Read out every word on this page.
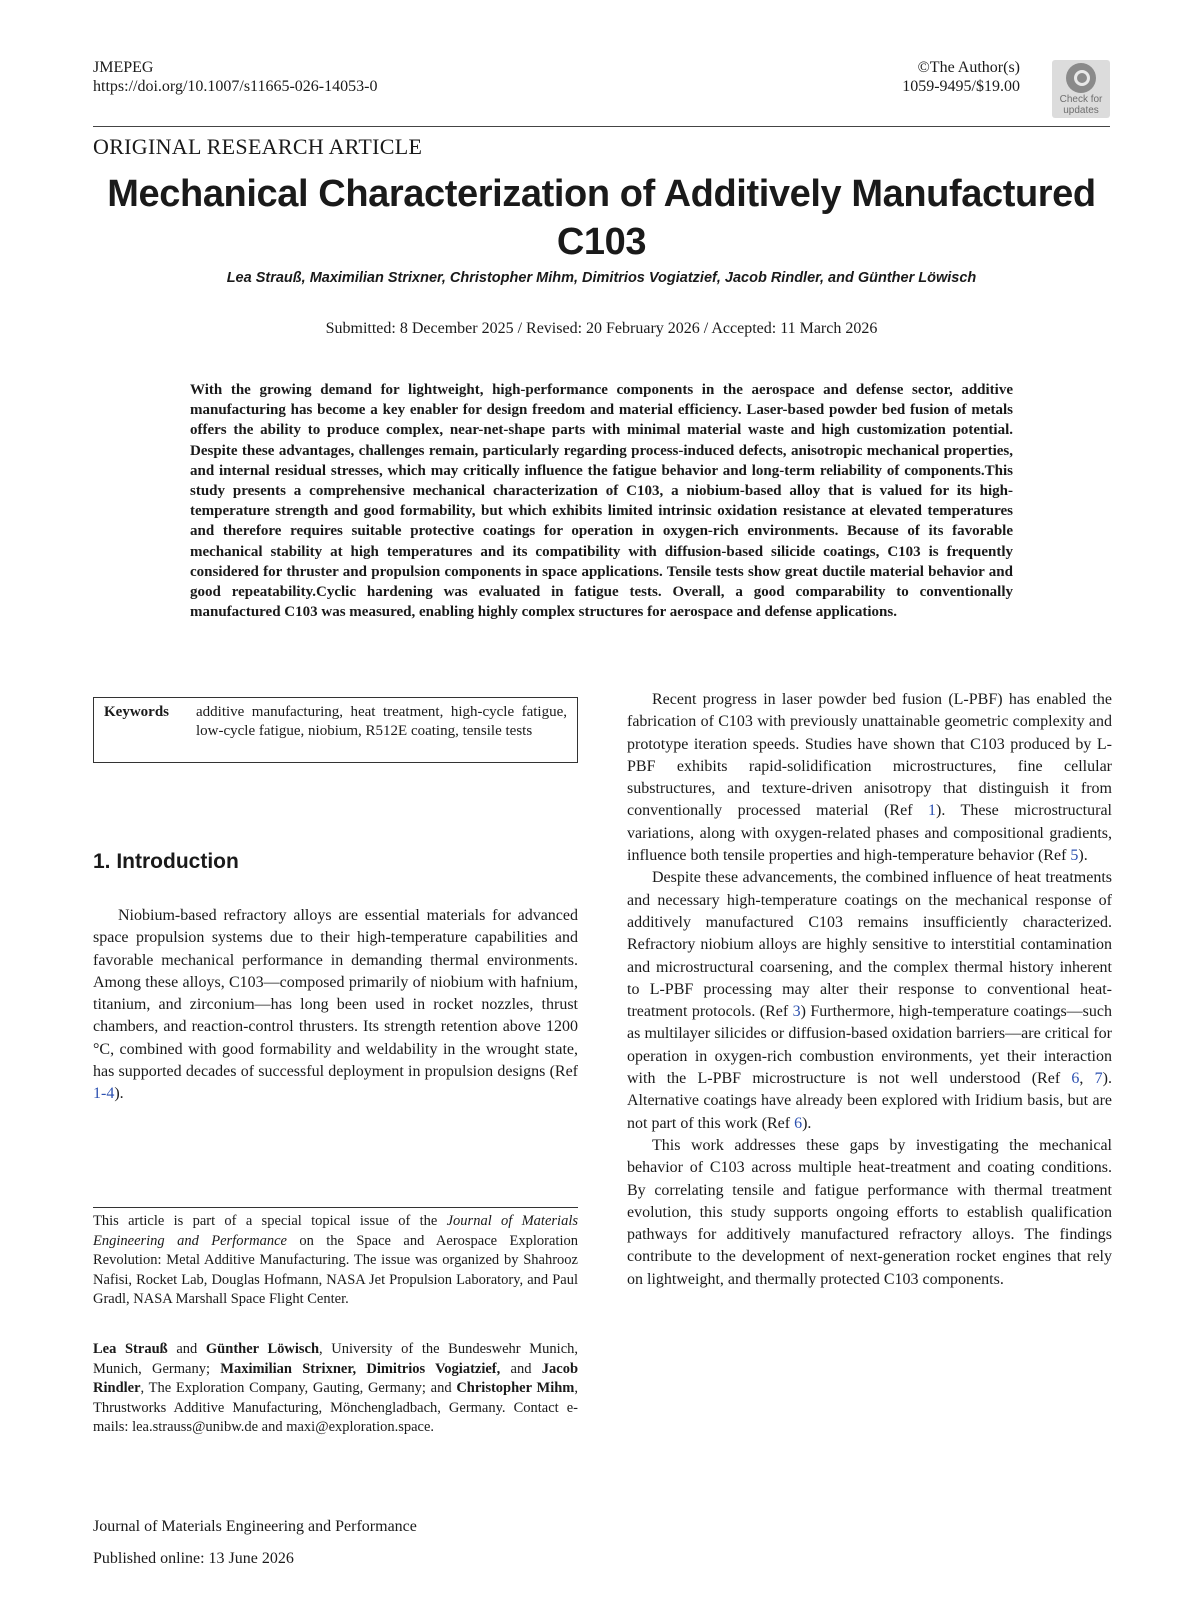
JMEPEG
https://doi.org/10.1007/s11665-026-14053-0
©The Author(s)
1059-9495/$19.00
Check for
updates
ORIGINAL RESEARCH ARTICLE
Mechanical Characterization of Additively Manufactured C103
Lea Strauß, Maximilian Strixner, Christopher Mihm, Dimitrios Vogiatzief, Jacob Rindler, and Günther Löwisch
Submitted: 8 December 2025 / Revised: 20 February 2026 / Accepted: 11 March 2026
With the growing demand for lightweight, high-performance components in the aerospace and defense sector, additive manufacturing has become a key enabler for design freedom and material efficiency. Laser-based powder bed fusion of metals offers the ability to produce complex, near-net-shape parts with minimal material waste and high customization potential. Despite these advantages, challenges remain, particularly regarding process-induced defects, anisotropic mechanical properties, and internal residual stresses, which may critically influence the fatigue behavior and long-term reliability of components.This study presents a comprehensive mechanical characterization of C103, a niobium-based alloy that is valued for its high-temperature strength and good formability, but which exhibits limited intrinsic oxidation resistance at elevated temperatures and therefore requires suitable protective coatings for operation in oxygen-rich environments. Because of its favorable mechanical stability at high temperatures and its compatibility with diffusion-based silicide coatings, C103 is frequently considered for thruster and propulsion components in space applications. Tensile tests show great ductile material behavior and good repeatability.Cyclic hardening was evaluated in fatigue tests. Overall, a good comparability to conventionally manufactured C103 was measured, enabling highly complex structures for aerospace and defense applications.
Keywords	additive manufacturing, heat treatment, high-cycle fatigue, low-cycle fatigue, niobium, R512E coating, tensile tests
1. Introduction

Niobium-based refractory alloys are essential materials for advanced space propulsion systems due to their high-temperature capabilities and favorable mechanical performance in demanding thermal environments. Among these alloys, C103—composed primarily of niobium with hafnium, titanium, and zirconium—has long been used in rocket nozzles, thrust chambers, and reaction-control thrusters. Its strength retention above 1200 °C, combined with good formability and weldability in the wrought state, has supported decades of successful deployment in propulsion designs (Ref 1-4).

This article is part of a special topical issue of the Journal of Materials Engineering and Performance on the Space and Aerospace Exploration Revolution: Metal Additive Manufacturing. The issue was organized by Shahrooz Nafisi, Rocket Lab, Douglas Hofmann, NASA Jet Propulsion Laboratory, and Paul Gradl, NASA Marshall Space Flight Center.
Lea Strauß and Günther Löwisch, University of the Bundeswehr Munich, Munich, Germany; Maximilian Strixner, Dimitrios Vogiatzief, and Jacob Rindler, The Exploration Company, Gauting, Germany; and Christopher Mihm, Thrustworks Additive Manufacturing, Mönchengladbach, Germany. Contact e-mails: lea.strauss@unibw.de and maxi@exploration.space.

Recent progress in laser powder bed fusion (L-PBF) has enabled the fabrication of C103 with previously unattainable geometric complexity and prototype iteration speeds. Studies have shown that C103 produced by L-PBF exhibits rapid-solidification microstructures, fine cellular substructures, and texture-driven anisotropy that distinguish it from conventionally processed material (Ref 1). These microstructural variations, along with oxygen-related phases and compositional gradients, influence both tensile properties and high-temperature behavior (Ref 5).

Despite these advancements, the combined influence of heat treatments and necessary high-temperature coatings on the mechanical response of additively manufactured C103 remains insufficiently characterized. Refractory niobium alloys are highly sensitive to interstitial contamination and microstructural coarsening, and the complex thermal history inherent to L-PBF processing may alter their response to conventional heat-treatment protocols. (Ref 3) Furthermore, high-temperature coatings—such as multilayer silicides or diffusion-based oxidation barriers—are critical for operation in oxygen-rich combustion environments, yet their interaction with the L-PBF microstructure is not well understood (Ref 6, 7). Alternative coatings have already been explored with Iridium basis, but are not part of this work (Ref 6).

This work addresses these gaps by investigating the mechanical behavior of C103 across multiple heat-treatment and coating conditions. By correlating tensile and fatigue performance with thermal treatment evolution, this study supports ongoing efforts to establish qualification pathways for additively manufactured refractory alloys. The findings contribute to the development of next-generation rocket engines that rely on lightweight, and thermally protected C103 components.

Journal of Materials Engineering and Performance
Published online: 13 June 2026
